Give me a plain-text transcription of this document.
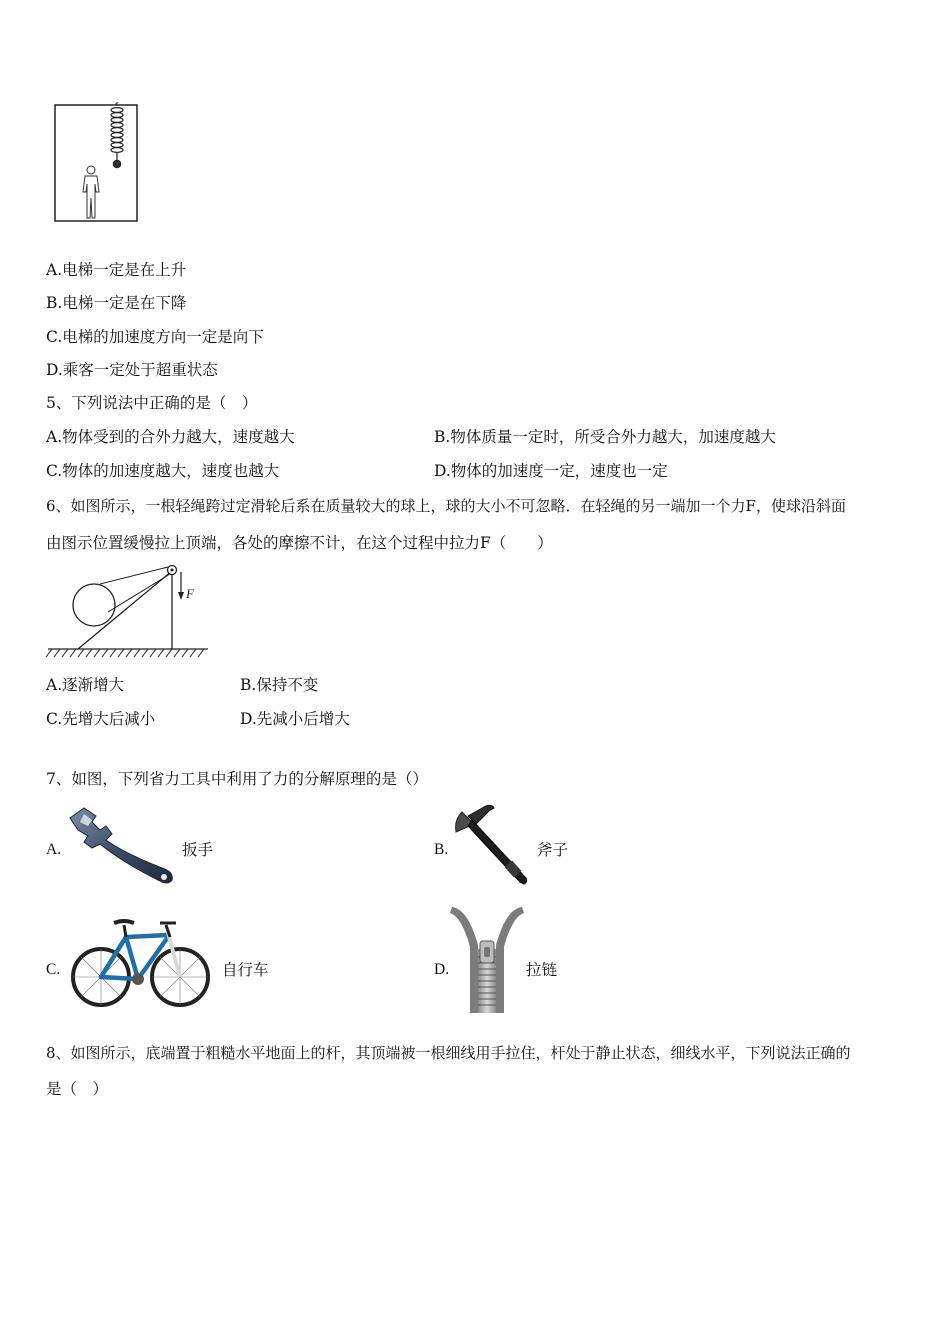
A.电梯一定是在上升
B.电梯一定是在下降
C.电梯的加速度方向一定是向下
D.乘客一定处于超重状态
5、下列说法中正确的是（　）
A.物体受到的合外力越大，速度越大	B.物体质量一定时，所受合外力越大，加速度越大
C.物体的加速度越大，速度也越大	D.物体的加速度一定，速度也一定
6、如图所示，一根轻绳跨过定滑轮后系在质量较大的球上，球的大小不可忽略．在轻绳的另一端加一个力F，使球沿斜面
由图示位置缓慢拉上顶端，各处的摩擦不计，在这个过程中拉力F（　　）
F
A.逐渐增大	B.保持不变
C.先增大后减小	D.先减小后增大
7、如图，下列省力工具中利用了力的分解原理的是（）
A.	扳手	B.	斧子
C.	自行车	D.	拉链
8、如图所示，底端置于粗糙水平地面上的杆，其顶端被一根细线用手拉住，杆处于静止状态，细线水平，下列说法正确的
是（　）
